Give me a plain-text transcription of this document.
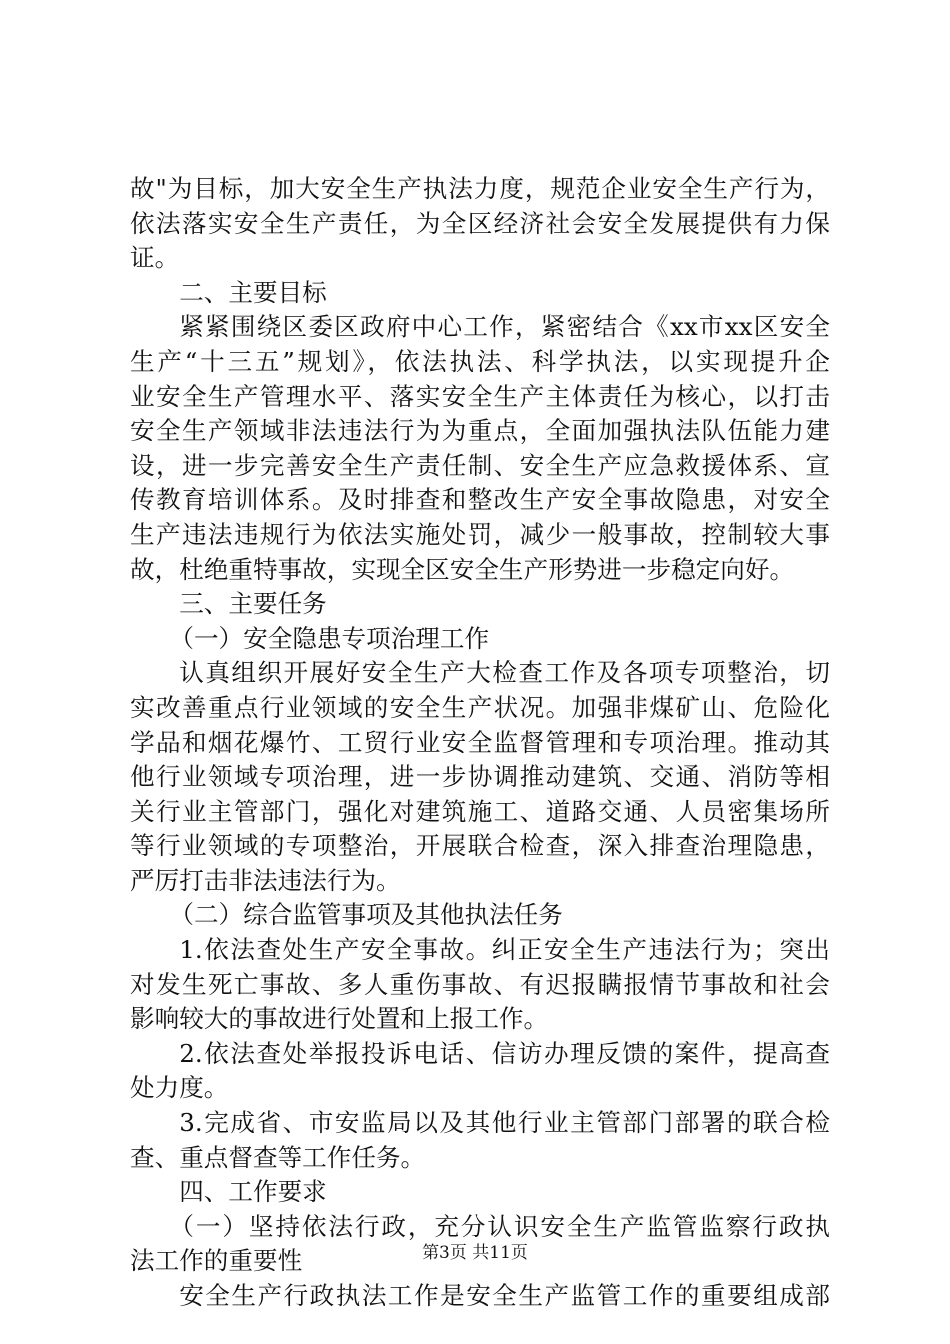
故"为目标，加大安全生产执法力度，规范企业安全生产行为，
依法落实安全生产责任，为全区经济社会安全发展提供有力保
证。
二、主要目标
紧紧围绕区委区政府中心工作，紧密结合《xx市xx区安全
生产“十三五”规划》，依法执法、科学执法，以实现提升企
业安全生产管理水平、落实安全生产主体责任为核心，以打击
安全生产领域非法违法行为为重点，全面加强执法队伍能力建
设，进一步完善安全生产责任制、安全生产应急救援体系、宣
传教育培训体系。及时排查和整改生产安全事故隐患，对安全
生产违法违规行为依法实施处罚，减少一般事故，控制较大事
故，杜绝重特事故，实现全区安全生产形势进一步稳定向好。
三、主要任务
（一）安全隐患专项治理工作
认真组织开展好安全生产大检查工作及各项专项整治，切
实改善重点行业领域的安全生产状况。加强非煤矿山、危险化
学品和烟花爆竹、工贸行业安全监督管理和专项治理。推动其
他行业领域专项治理，进一步协调推动建筑、交通、消防等相
关行业主管部门，强化对建筑施工、道路交通、人员密集场所
等行业领域的专项整治，开展联合检查，深入排查治理隐患，
严厉打击非法违法行为。
（二）综合监管事项及其他执法任务
1.依法查处生产安全事故。纠正安全生产违法行为；突出
对发生死亡事故、多人重伤事故、有迟报瞒报情节事故和社会
影响较大的事故进行处置和上报工作。
2.依法查处举报投诉电话、信访办理反馈的案件，提高查
处力度。
3.完成省、市安监局以及其他行业主管部门部署的联合检
查、重点督查等工作任务。
四、工作要求
（一）坚持依法行政，充分认识安全生产监管监察行政执
法工作的重要性
安全生产行政执法工作是安全生产监管工作的重要组成部
第3页 共11页
